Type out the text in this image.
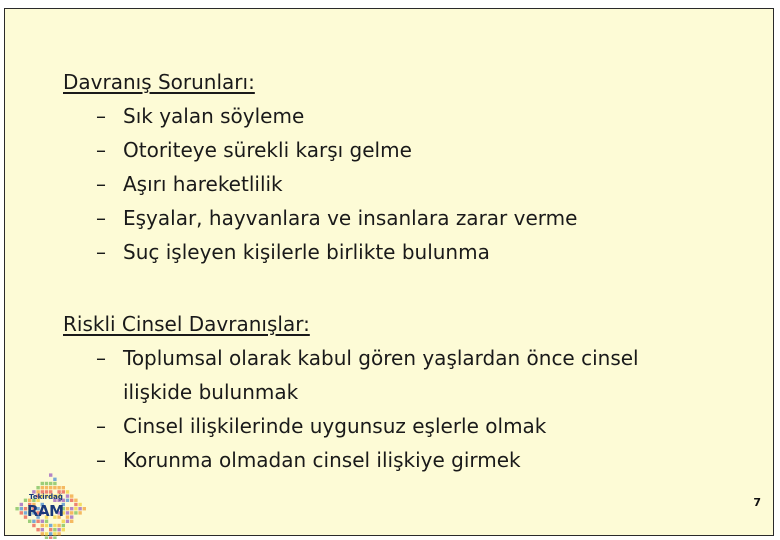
Davranış Sorunları:
– Sık yalan söyleme
– Otoriteye sürekli karşı gelme
– Aşırı hareketlilik
– Eşyalar, hayvanlara ve insanlara zarar verme
– Suç işleyen kişilerle birlikte bulunma
Riskli Cinsel Davranışlar:
– Toplumsal olarak kabul gören yaşlardan önce cinsel ilişkide bulunmak
– Cinsel ilişkilerinde uygunsuz eşlerle olmak
– Korunma olmadan cinsel ilişkiye girmek
Tekirdağ
RAM	7
